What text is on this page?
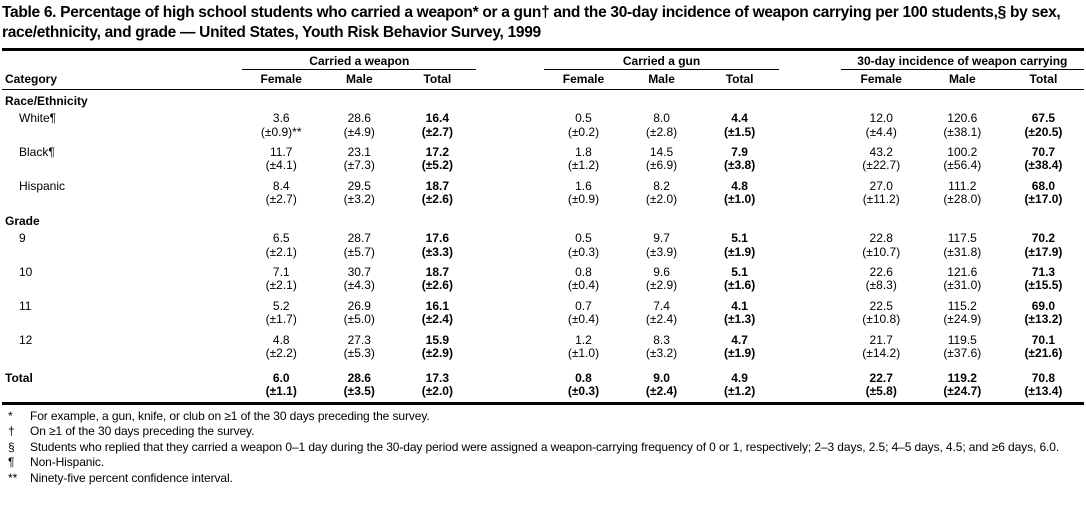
Table 6. Percentage of high school students who carried a weapon* or a gun† and the 30-day incidence of weapon carrying per 100 students,§ by sex, race/ethnicity, and grade — United States, Youth Risk Behavior Survey, 1999
	Carried a weapon				Carried a gun				30-day incidence of weapon carrying		
Category	Female	Male	Total		Female	Male	Total		Female	Male	Total
Race/Ethnicity											
White¶	3.6	28.6	16.4		0.5	8.0	4.4		12.0	120.6	67.5
	(±0.9)**	(±4.9)	(±2.7)		(±0.2)	(±2.8)	(±1.5)		(±4.4)	(±38.1)	(±20.5)
Black¶	11.7	23.1	17.2		1.8	14.5	7.9		43.2	100.2	70.7
	(±4.1)	(±7.3)	(±5.2)		(±1.2)	(±6.9)	(±3.8)		(±22.7)	(±56.4)	(±38.4)
Hispanic	8.4	29.5	18.7		1.6	8.2	4.8		27.0	111.2	68.0
	(±2.7)	(±3.2)	(±2.6)		(±0.9)	(±2.0)	(±1.0)		(±11.2)	(±28.0)	(±17.0)
Grade											
9	6.5	28.7	17.6		0.5	9.7	5.1		22.8	117.5	70.2
	(±2.1)	(±5.7)	(±3.3)		(±0.3)	(±3.9)	(±1.9)		(±10.7)	(±31.8)	(±17.9)
10	7.1	30.7	18.7		0.8	9.6	5.1		22.6	121.6	71.3
	(±2.1)	(±4.3)	(±2.6)		(±0.4)	(±2.9)	(±1.6)		(±8.3)	(±31.0)	(±15.5)
11	5.2	26.9	16.1		0.7	7.4	4.1		22.5	115.2	69.0
	(±1.7)	(±5.0)	(±2.4)		(±0.4)	(±2.4)	(±1.3)		(±10.8)	(±24.9)	(±13.2)
12	4.8	27.3	15.9		1.2	8.3	4.7		21.7	119.5	70.1
	(±2.2)	(±5.3)	(±2.9)		(±1.0)	(±3.2)	(±1.9)		(±14.2)	(±37.6)	(±21.6)
Total	6.0	28.6	17.3		0.8	9.0	4.9		22.7	119.2	70.8
	(±1.1)	(±3.5)	(±2.0)		(±0.3)	(±2.4)	(±1.2)		(±5.8)	(±24.7)	(±13.4)
*	For example, a gun, knife, or club on ≥1 of the 30 days preceding the survey.
†	On ≥1 of the 30 days preceding the survey.
§	Students who replied that they carried a weapon 0–1 day during the 30-day period were assigned a weapon-carrying frequency of 0 or 1, respectively; 2–3 days, 2.5; 4–5 days, 4.5; and ≥6 days, 6.0.
¶	Non-Hispanic.
**	Ninety-five percent confidence interval.
